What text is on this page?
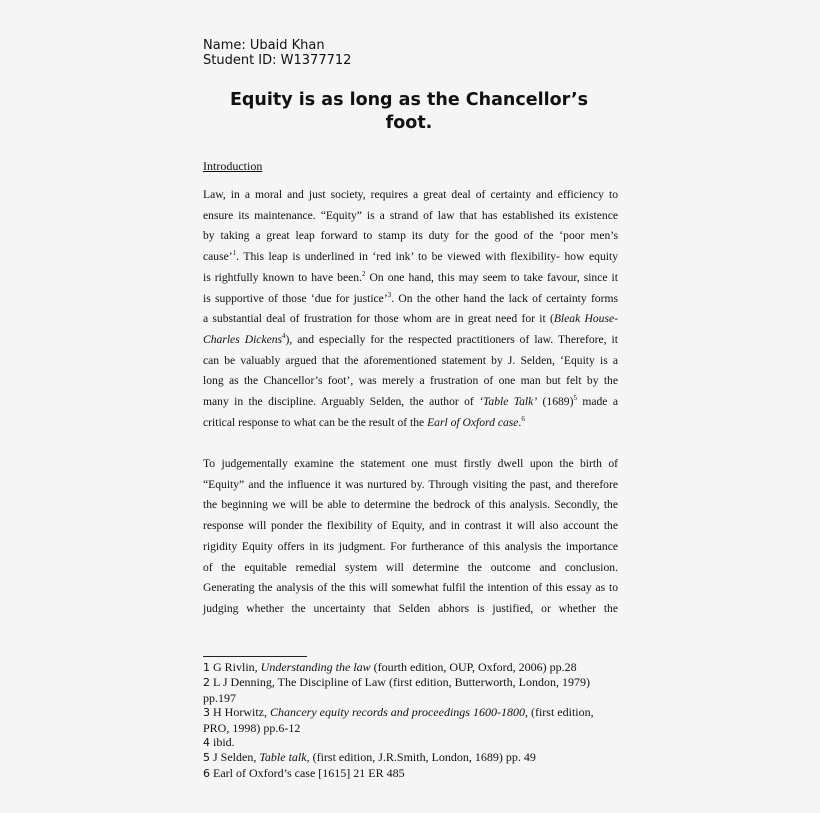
Name: Ubaid Khan
Student ID: W1377712
Equity is as long as the Chancellor’s
foot.
Introduction
Law, in a moral and just society, requires a great deal of certainty and efficiency to
ensure its maintenance. “Equity” is a strand of law that has established its existence
by taking a great leap forward to stamp its duty for the good of the ‘poor men’s
cause’$^1$. This leap is underlined in ‘red ink’ to be viewed with flexibility- how equity
is rightfully known to have been.$^2$ On one hand, this may seem to take favour, since it
is supportive of those ‘due for justice’$^3$. On the other hand the lack of certainty forms
a substantial deal of frustration for those whom are in great need for it (Bleak House-
Charles Dickens$^4$), and especially for the respected practitioners of law. Therefore, it
can be valuably argued that the aforementioned statement by J. Selden, ‘Equity is a
long as the Chancellor’s foot’, was merely a frustration of one man but felt by the
many in the discipline. Arguably Selden, the author of ‘Table Talk’ $(1689)^5$ made a
critical response to what can be the result of the Earl of Oxford case.$^6$
To judgementally examine the statement one must firstly dwell upon the birth of
“Equity” and the influence it was nurtured by. Through visiting the past, and therefore
the beginning we will be able to determine the bedrock of this analysis. Secondly, the
response will ponder the flexibility of Equity, and in contrast it will also account the
rigidity Equity offers in its judgment. For furtherance of this analysis the importance
of the equitable remedial system will determine the outcome and conclusion.
Generating the analysis of the this will somewhat fulfil the intention of this essay as to
judging whether the uncertainty that Selden abhors is justified, or whether the
1 G Rivlin, Understanding the law (fourth edition, OUP, Oxford, 2006) pp.28
2 L J Denning, The Discipline of Law (first edition, Butterworth, London, 1979)
pp.197
3 H Horwitz, Chancery equity records and proceedings 1600-1800, (first edition,
PRO, 1998) pp.6-12
4 ibid.
5 J Selden, Table talk, (first edition, J.R.Smith, London, 1689) pp. 49
6 Earl of Oxford’s case [1615] 21 ER 485
